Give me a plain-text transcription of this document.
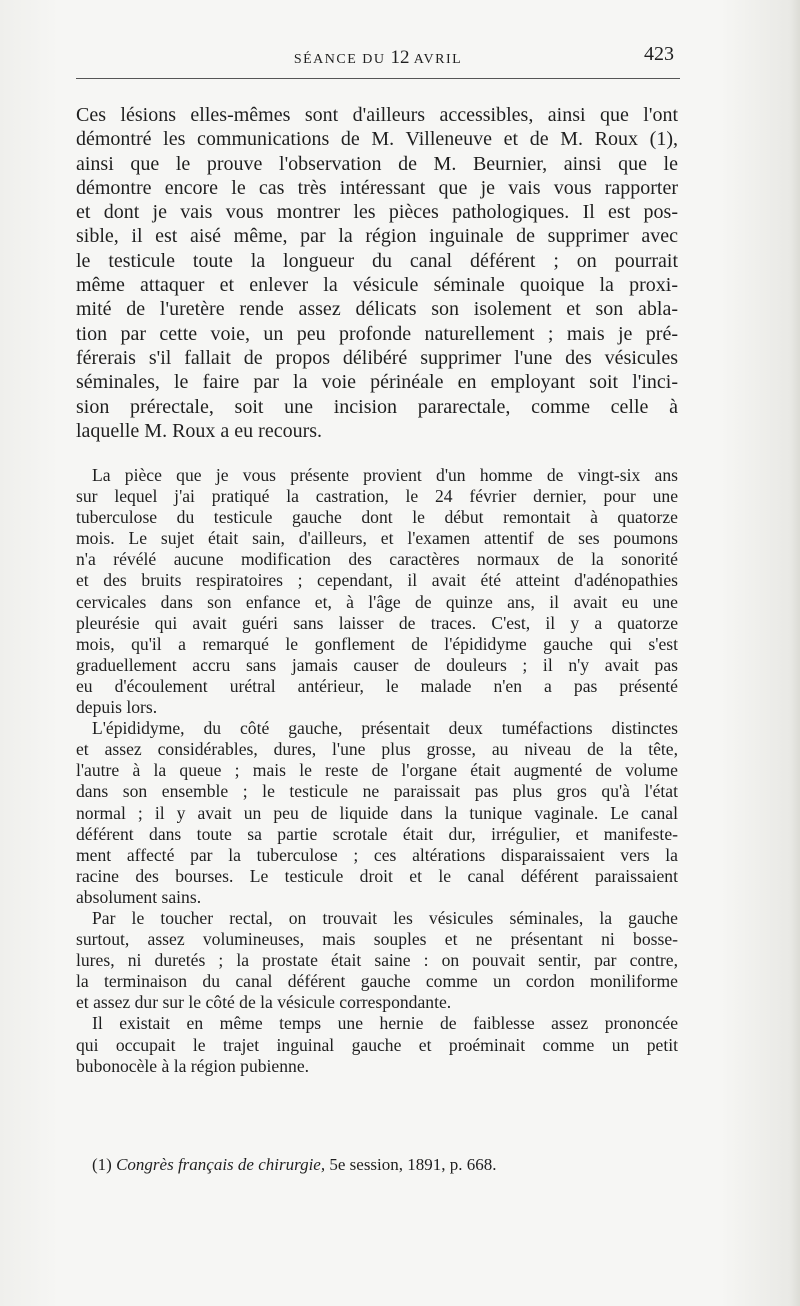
SÉANCE DU 12 AVRIL	423
Ces lésions elles-mêmes sont d'ailleurs accessibles, ainsi que l'ont
démontré les communications de M. Villeneuve et de M. Roux (1),
ainsi que le prouve l'observation de M. Beurnier, ainsi que le
démontre encore le cas très intéressant que je vais vous rapporter
et dont je vais vous montrer les pièces pathologiques. Il est pos-
sible, il est aisé même, par la région inguinale de supprimer avec
le testicule toute la longueur du canal déférent ; on pourrait
même attaquer et enlever la vésicule séminale quoique la proxi-
mité de l'uretère rende assez délicats son isolement et son abla-
tion par cette voie, un peu profonde naturellement ; mais je pré-
férerais s'il fallait de propos délibéré supprimer l'une des vésicules
séminales, le faire par la voie périnéale en employant soit l'inci-
sion prérectale, soit une incision pararectale, comme celle à
laquelle M. Roux a eu recours.
La pièce que je vous présente provient d'un homme de vingt-six ans
sur lequel j'ai pratiqué la castration, le 24 février dernier, pour une
tuberculose du testicule gauche dont le début remontait à quatorze
mois. Le sujet était sain, d'ailleurs, et l'examen attentif de ses poumons
n'a révélé aucune modification des caractères normaux de la sonorité
et des bruits respiratoires ; cependant, il avait été atteint d'adénopathies
cervicales dans son enfance et, à l'âge de quinze ans, il avait eu une
pleurésie qui avait guéri sans laisser de traces. C'est, il y a quatorze
mois, qu'il a remarqué le gonflement de l'épididyme gauche qui s'est
graduellement accru sans jamais causer de douleurs ; il n'y avait pas
eu d'écoulement urétral antérieur, le malade n'en a pas présenté
depuis lors.
L'épididyme, du côté gauche, présentait deux tuméfactions distinctes
et assez considérables, dures, l'une plus grosse, au niveau de la tête,
l'autre à la queue ; mais le reste de l'organe était augmenté de volume
dans son ensemble ; le testicule ne paraissait pas plus gros qu'à l'état
normal ; il y avait un peu de liquide dans la tunique vaginale. Le canal
déférent dans toute sa partie scrotale était dur, irrégulier, et manifeste-
ment affecté par la tuberculose ; ces altérations disparaissaient vers la
racine des bourses. Le testicule droit et le canal déférent paraissaient
absolument sains.
Par le toucher rectal, on trouvait les vésicules séminales, la gauche
surtout, assez volumineuses, mais souples et ne présentant ni bosse-
lures, ni duretés ; la prostate était saine : on pouvait sentir, par contre,
la terminaison du canal déférent gauche comme un cordon moniliforme
et assez dur sur le côté de la vésicule correspondante.
Il existait en même temps une hernie de faiblesse assez prononcée
qui occupait le trajet inguinal gauche et proéminait comme un petit
bubonocèle à la région pubienne.
(1) Congrès français de chirurgie, 5e session, 1891, p. 668.
